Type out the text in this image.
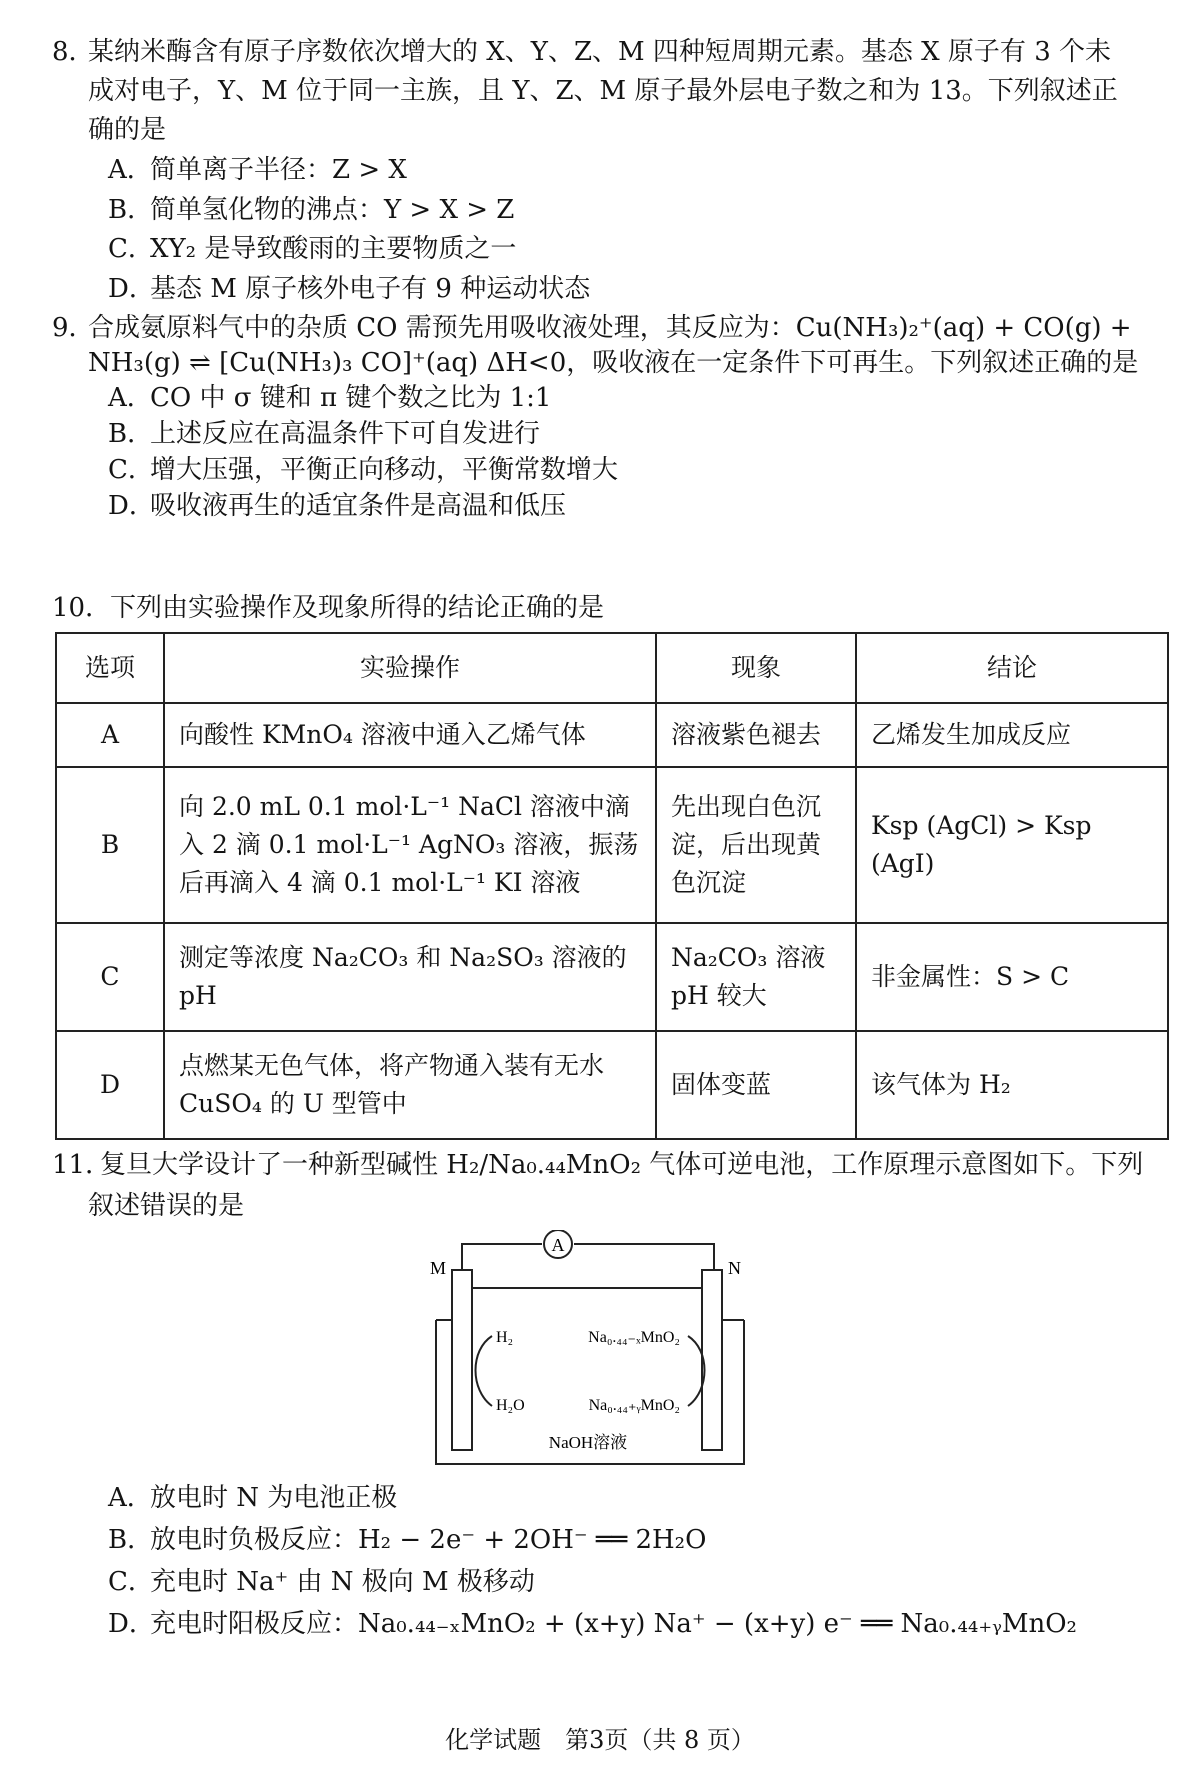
8．
某纳米酶含有原子序数依次增大的 X、Y、Z、M 四种短周期元素。基态 X 原子有 3 个未
成对电子，Y、M 位于同一主族，且 Y、Z、M 原子最外层电子数之和为 13。下列叙述正
确的是
A．简单离子半径：Z > X
B．简单氢化物的沸点：Y > X > Z
C．XY₂ 是导致酸雨的主要物质之一
D．基态 M 原子核外电子有 9 种运动状态
9．
合成氨原料气中的杂质 CO 需预先用吸收液处理，其反应为：Cu(NH₃)₂⁺(aq) + CO(g) +
NH₃(g) ⇌ [Cu(NH₃)₃ CO]⁺(aq) ΔH<0，吸收液在一定条件下可再生。下列叙述正确的是
A．CO 中 σ 键和 π 键个数之比为 1:1
B．上述反应在高温条件下可自发进行
C．增大压强，平衡正向移动，平衡常数增大
D．吸收液再生的适宜条件是高温和低压
10．
下列由实验操作及现象所得的结论正确的是
选项	实验操作	现象	结论
A	向酸性 KMnO₄ 溶液中通入乙烯气体	溶液紫色褪去	乙烯发生加成反应
B	向 2.0 mL 0.1 mol·L⁻¹ NaCl 溶液中滴入 2 滴 0.1 mol·L⁻¹ AgNO₃ 溶液，振荡后再滴入 4 滴 0.1 mol·L⁻¹ KI 溶液	先出现白色沉淀，后出现黄色沉淀	Ksp (AgCl) > Ksp (AgI)
C	测定等浓度 Na₂CO₃ 和 Na₂SO₃ 溶液的 pH	Na₂CO₃ 溶液 pH 较大	非金属性：S > C
D	点燃某无色气体，将产物通入装有无水 CuSO₄ 的 U 型管中	固体变蓝	该气体为 H₂
11．
复旦大学设计了一种新型碱性 H₂/Na₀.₄₄MnO₂ 气体可逆电池，工作原理示意图如下。下列
叙述错误的是
A
M	N
H₂
H₂O
Na₀.₄₄₋ₓMnO₂
Na₀.₄₄₊ᵧMnO₂
NaOH溶液
A．放电时 N 为电池正极
B．放电时负极反应：H₂ − 2e⁻ + 2OH⁻ ══ 2H₂O
C．充电时 Na⁺ 由 N 极向 M 极移动
D．充电时阳极反应：Na₀.₄₄₋ₓMnO₂ + (x+y) Na⁺ − (x+y) e⁻ ══ Na₀.₄₄₊ᵧMnO₂
化学试题　第3页（共 8 页）
